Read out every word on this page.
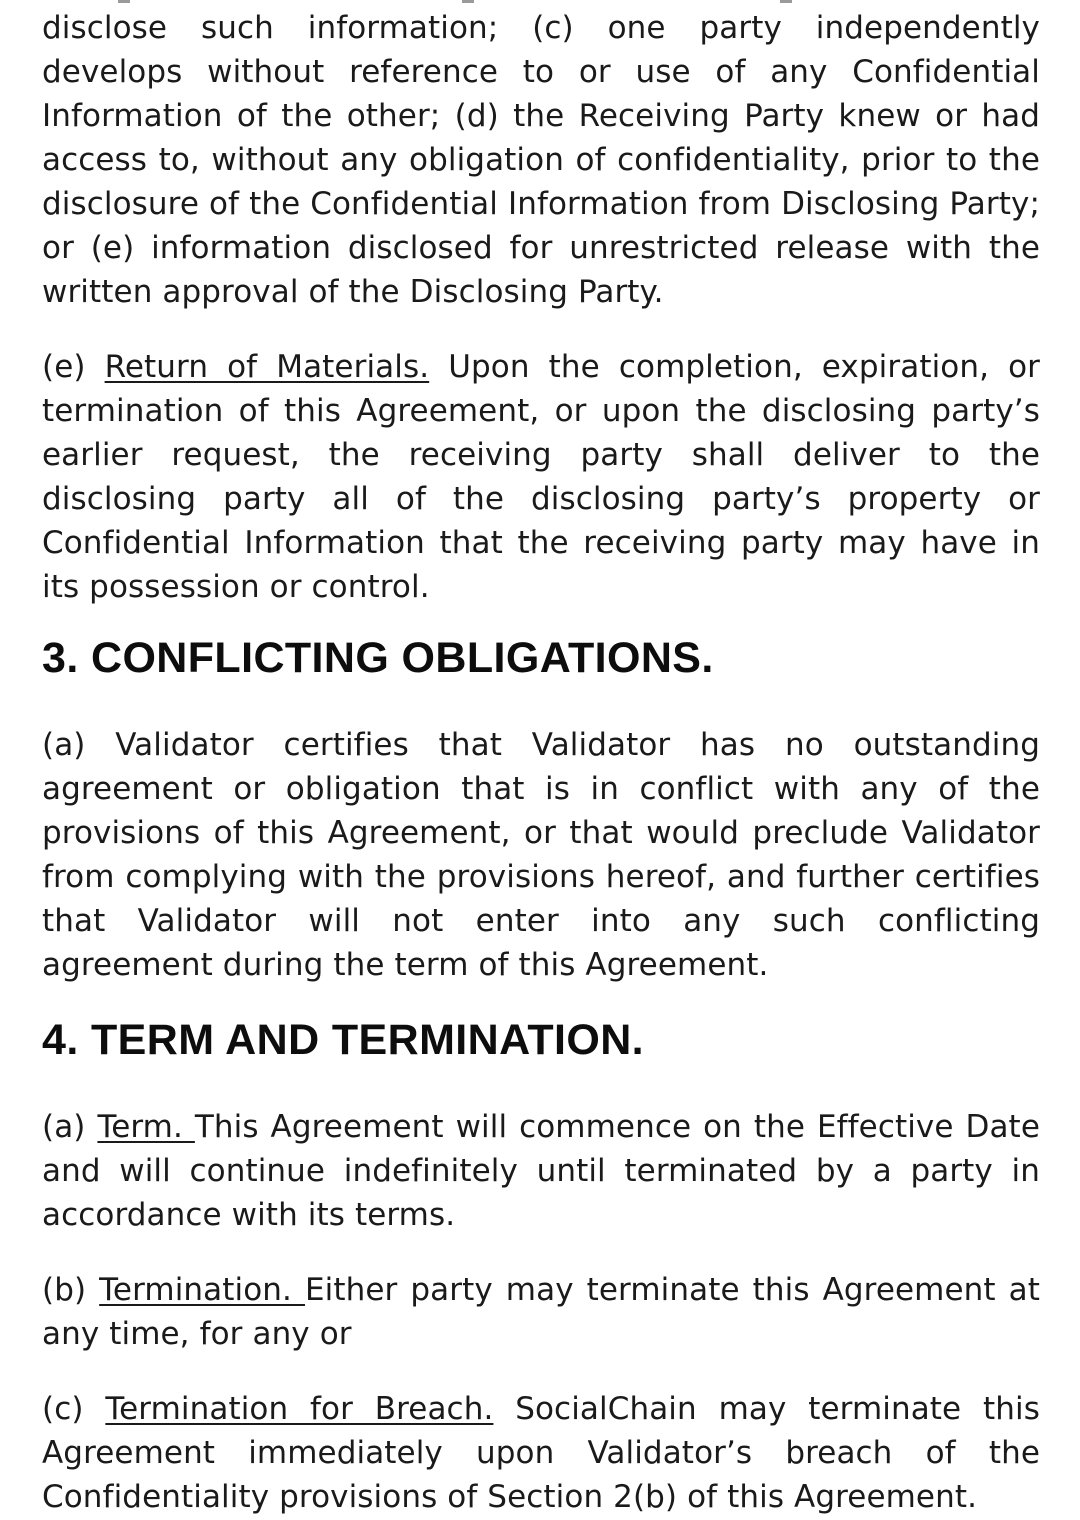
disclose such information; (c) one party independently develops without reference to or use of any Confidential Information of the other; (d) the Receiving Party knew or had access to, without any obligation of confidentiality, prior to the disclosure of the Confidential Information from Disclosing Party; or (e) information disclosed for unrestricted release with the written approval of the Disclosing Party.

(e) Return of Materials. Upon the completion, expiration, or termination of this Agreement, or upon the disclosing party’s earlier request, the receiving party shall deliver to the disclosing party all of the disclosing party’s property or Confidential Information that the receiving party may have in its possession or control.

3. CONFLICTING OBLIGATIONS.

(a) Validator certifies that Validator has no outstanding agreement or obligation that is in conflict with any of the provisions of this Agreement, or that would preclude Validator from complying with the provisions hereof, and further certifies that Validator will not enter into any such conflicting agreement during the term of this Agreement.

4. TERM AND TERMINATION.

(a) Term. This Agreement will commence on the Effective Date and will continue indefinitely until terminated by a party in accordance with its terms.

(b) Termination. Either party may terminate this Agreement at any time, for any or

(c) Termination for Breach. SocialChain may terminate this Agreement immediately upon Validator’s breach of the Confidentiality provisions of Section 2(b) of this Agreement.
